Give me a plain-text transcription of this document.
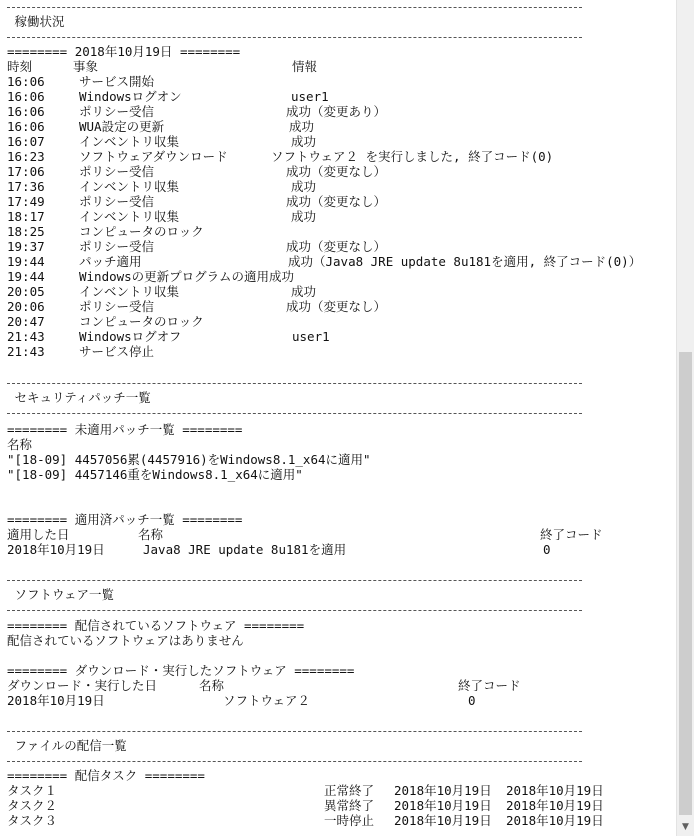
稼働状況
======== 2018年10月19日 ========
時刻	事象	情報
16:06	サービス開始
16:06	Windowsログオン	user1
16:06	ポリシー受信	成功（変更あり）
16:06	WUA設定の更新	成功
16:07	インベントリ収集	成功
16:23	ソフトウェアダウンロード	ソフトウェア２ を実行しました, 終了コード(0)
17:06	ポリシー受信	成功（変更なし）
17:36	インベントリ収集	成功
17:49	ポリシー受信	成功（変更なし）
18:17	インベントリ収集	成功
18:25	コンピュータのロック
19:37	ポリシー受信	成功（変更なし）
19:44	パッチ適用	成功（Java8 JRE update 8u181を適用, 終了コード(0)）
19:44	Windowsの更新プログラムの適用成功
20:05	インベントリ収集	成功
20:06	ポリシー受信	成功（変更なし）
20:47	コンピュータのロック
21:43	Windowsログオフ	user1
21:43	サービス停止
セキュリティパッチ一覧
======== 未適用パッチ一覧 ========
名称
"[18-09] 4457056累(4457916)をWindows8.1_x64に適用"
"[18-09] 4457146重をWindows8.1_x64に適用"
======== 適用済パッチ一覧 ========
適用した日	名称	終了コード
2018年10月19日	Java8 JRE update 8u181を適用	0
ソフトウェア一覧
======== 配信されているソフトウェア ========
配信されているソフトウェアはありません
======== ダウンロード・実行したソフトウェア ========
ダウンロード・実行した日	名称	終了コード
2018年10月19日	ソフトウェア２	0
ファイルの配信一覧
======== 配信タスク ========
タスク１	正常終了 2018年10月19日 2018年10月19日
タスク２	異常終了 2018年10月19日 2018年10月19日
タスク３	一時停止 2018年10月19日 2018年10月19日	▼
